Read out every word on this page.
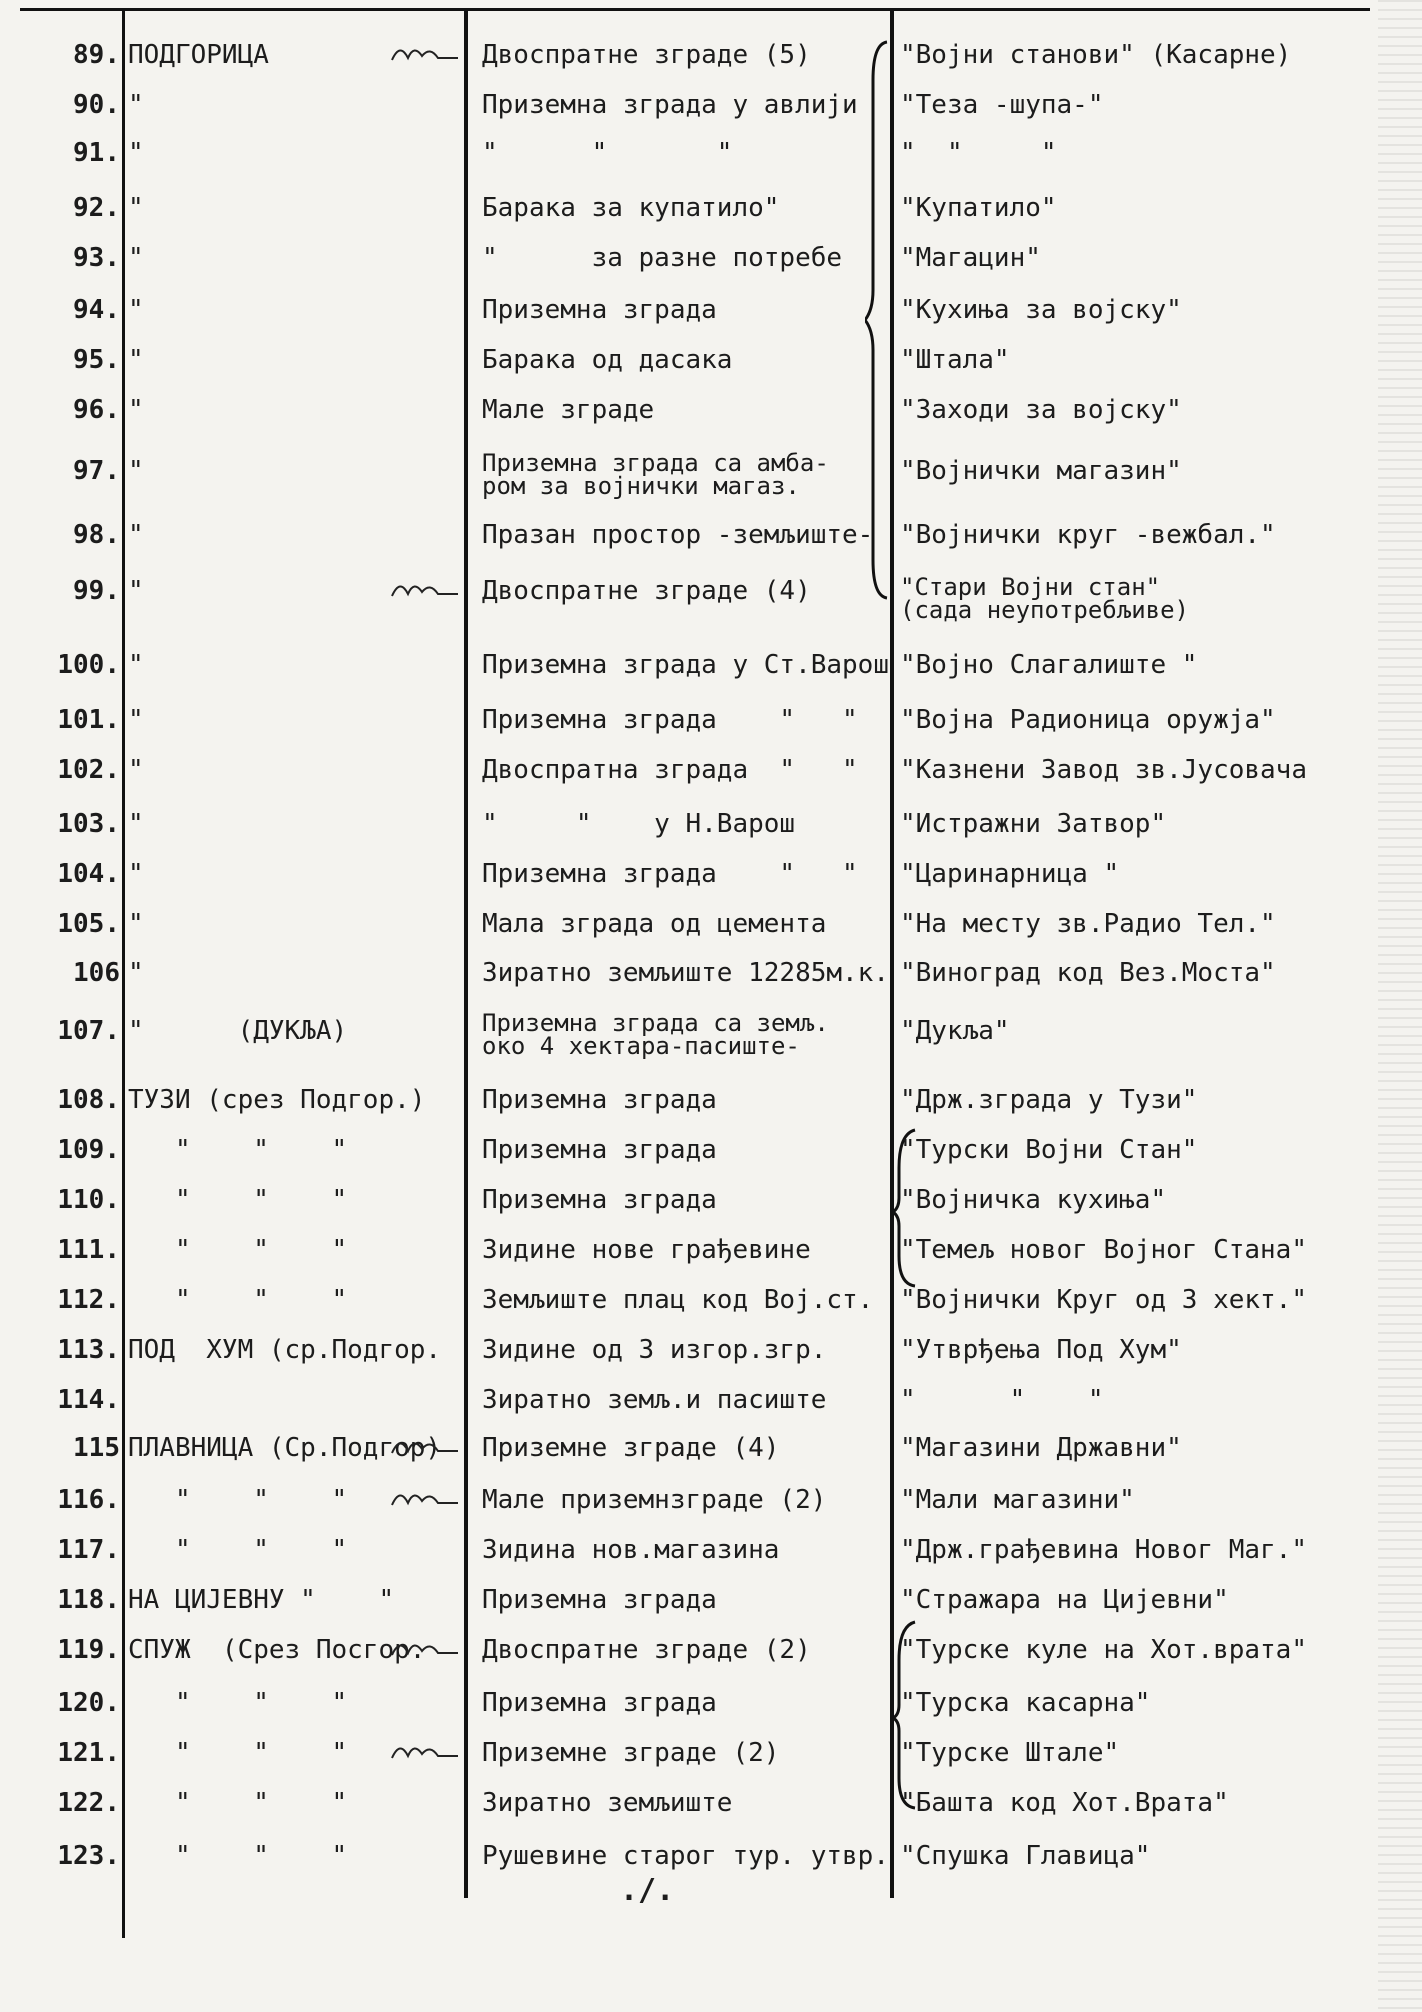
89. ПОДГОРИЦА	Двоспратне зграде (5)	"Војни станови" (Касарне)
90. "	Приземна зграда у авлији	"Теза -шупа-"
91. "	"      "       "	"  "     "
92. "	Барака за купатило"	"Купатило"
93. "	"      за разне потребе	"Магацин"
94. "	Приземна зграда	"Кухиња за војску"
95. "	Барака од дасака	"Штала"
96. "	Мале зграде	"Заходи за војску"
97. "	Приземна зграда са амба-
ром за војнички магаз.	"Војнички магазин"
98. "	Празан простор -земљиште-	"Војнички круг -вежбал."
99. "	Двоспратне зграде (4)	"Стари Војни стан"
(сада неупотребљиве)
100. "	Приземна зграда у Ст.Варош "Војно Слагалиште "
101. "	Приземна зграда    "   "	"Војна Радионица оружја"
102. "	Двоспратна зграда  "   "	"Казнени Завод зв.Јусовача
103. "	"     "    у Н.Варош	"Истражни Затвор"
104. "	Приземна зграда    "   "	"Царинарница "
105. "	Мала зграда од цемента	"На месту зв.Радио Тел."
106 "	Зиратно земљиште 12285м.к. "Виноград код Вез.Моста"
107. "      (ДУКЉА)	Приземна зграда са земљ.
око 4 хектара-пасиште-	"Дукља"
108. ТУЗИ (срез Подгор.)	Приземна зграда	"Држ.зграда у Тузи"
109. "    "    "	Приземна зграда	"Турски Војни Стан"
110. "    "    "	Приземна зграда	"Војничка кухиња"
111. "    "    "	Зидине нове грађевине	"Темељ новог Војног Стана"
112. "    "    "	Земљиште плац код Вој.ст.	"Војнички Круг од 3 хект."
113. ПОД  ХУМ (ср.Подгор.	Зидине од 3 изгор.згр.	"Утврђења Под Хум"
114.	Зиратно земљ.и пасиште	"      "    "
115 ПЛАВНИЦА (Ср.Подгор)	Приземне зграде (4)	"Магазини Државни"
116. "    "    "	Мале приземнзграде (2)	"Мали магазини"
117. "    "    "	Зидина нов.магазина	"Држ.грађевина Новог Маг."
118. НА ЦИЈЕВНУ "    "	Приземна зграда	"Стражара на Цијевни"
119. СПУЖ  (Срез Посгор.	Двоспратне зграде (2)	"Турске куле на Хот.врата"
120. "    "    "	Приземна зграда	"Турска касарна"
121. "    "    "	Приземне зграде (2)	"Турске Штале"
122. "    "    "	Зиратно земљиште	"Башта код Хот.Врата"
123. "    "    "	Рушевине старог тур. утвр. "Спушка Главица"
./.
